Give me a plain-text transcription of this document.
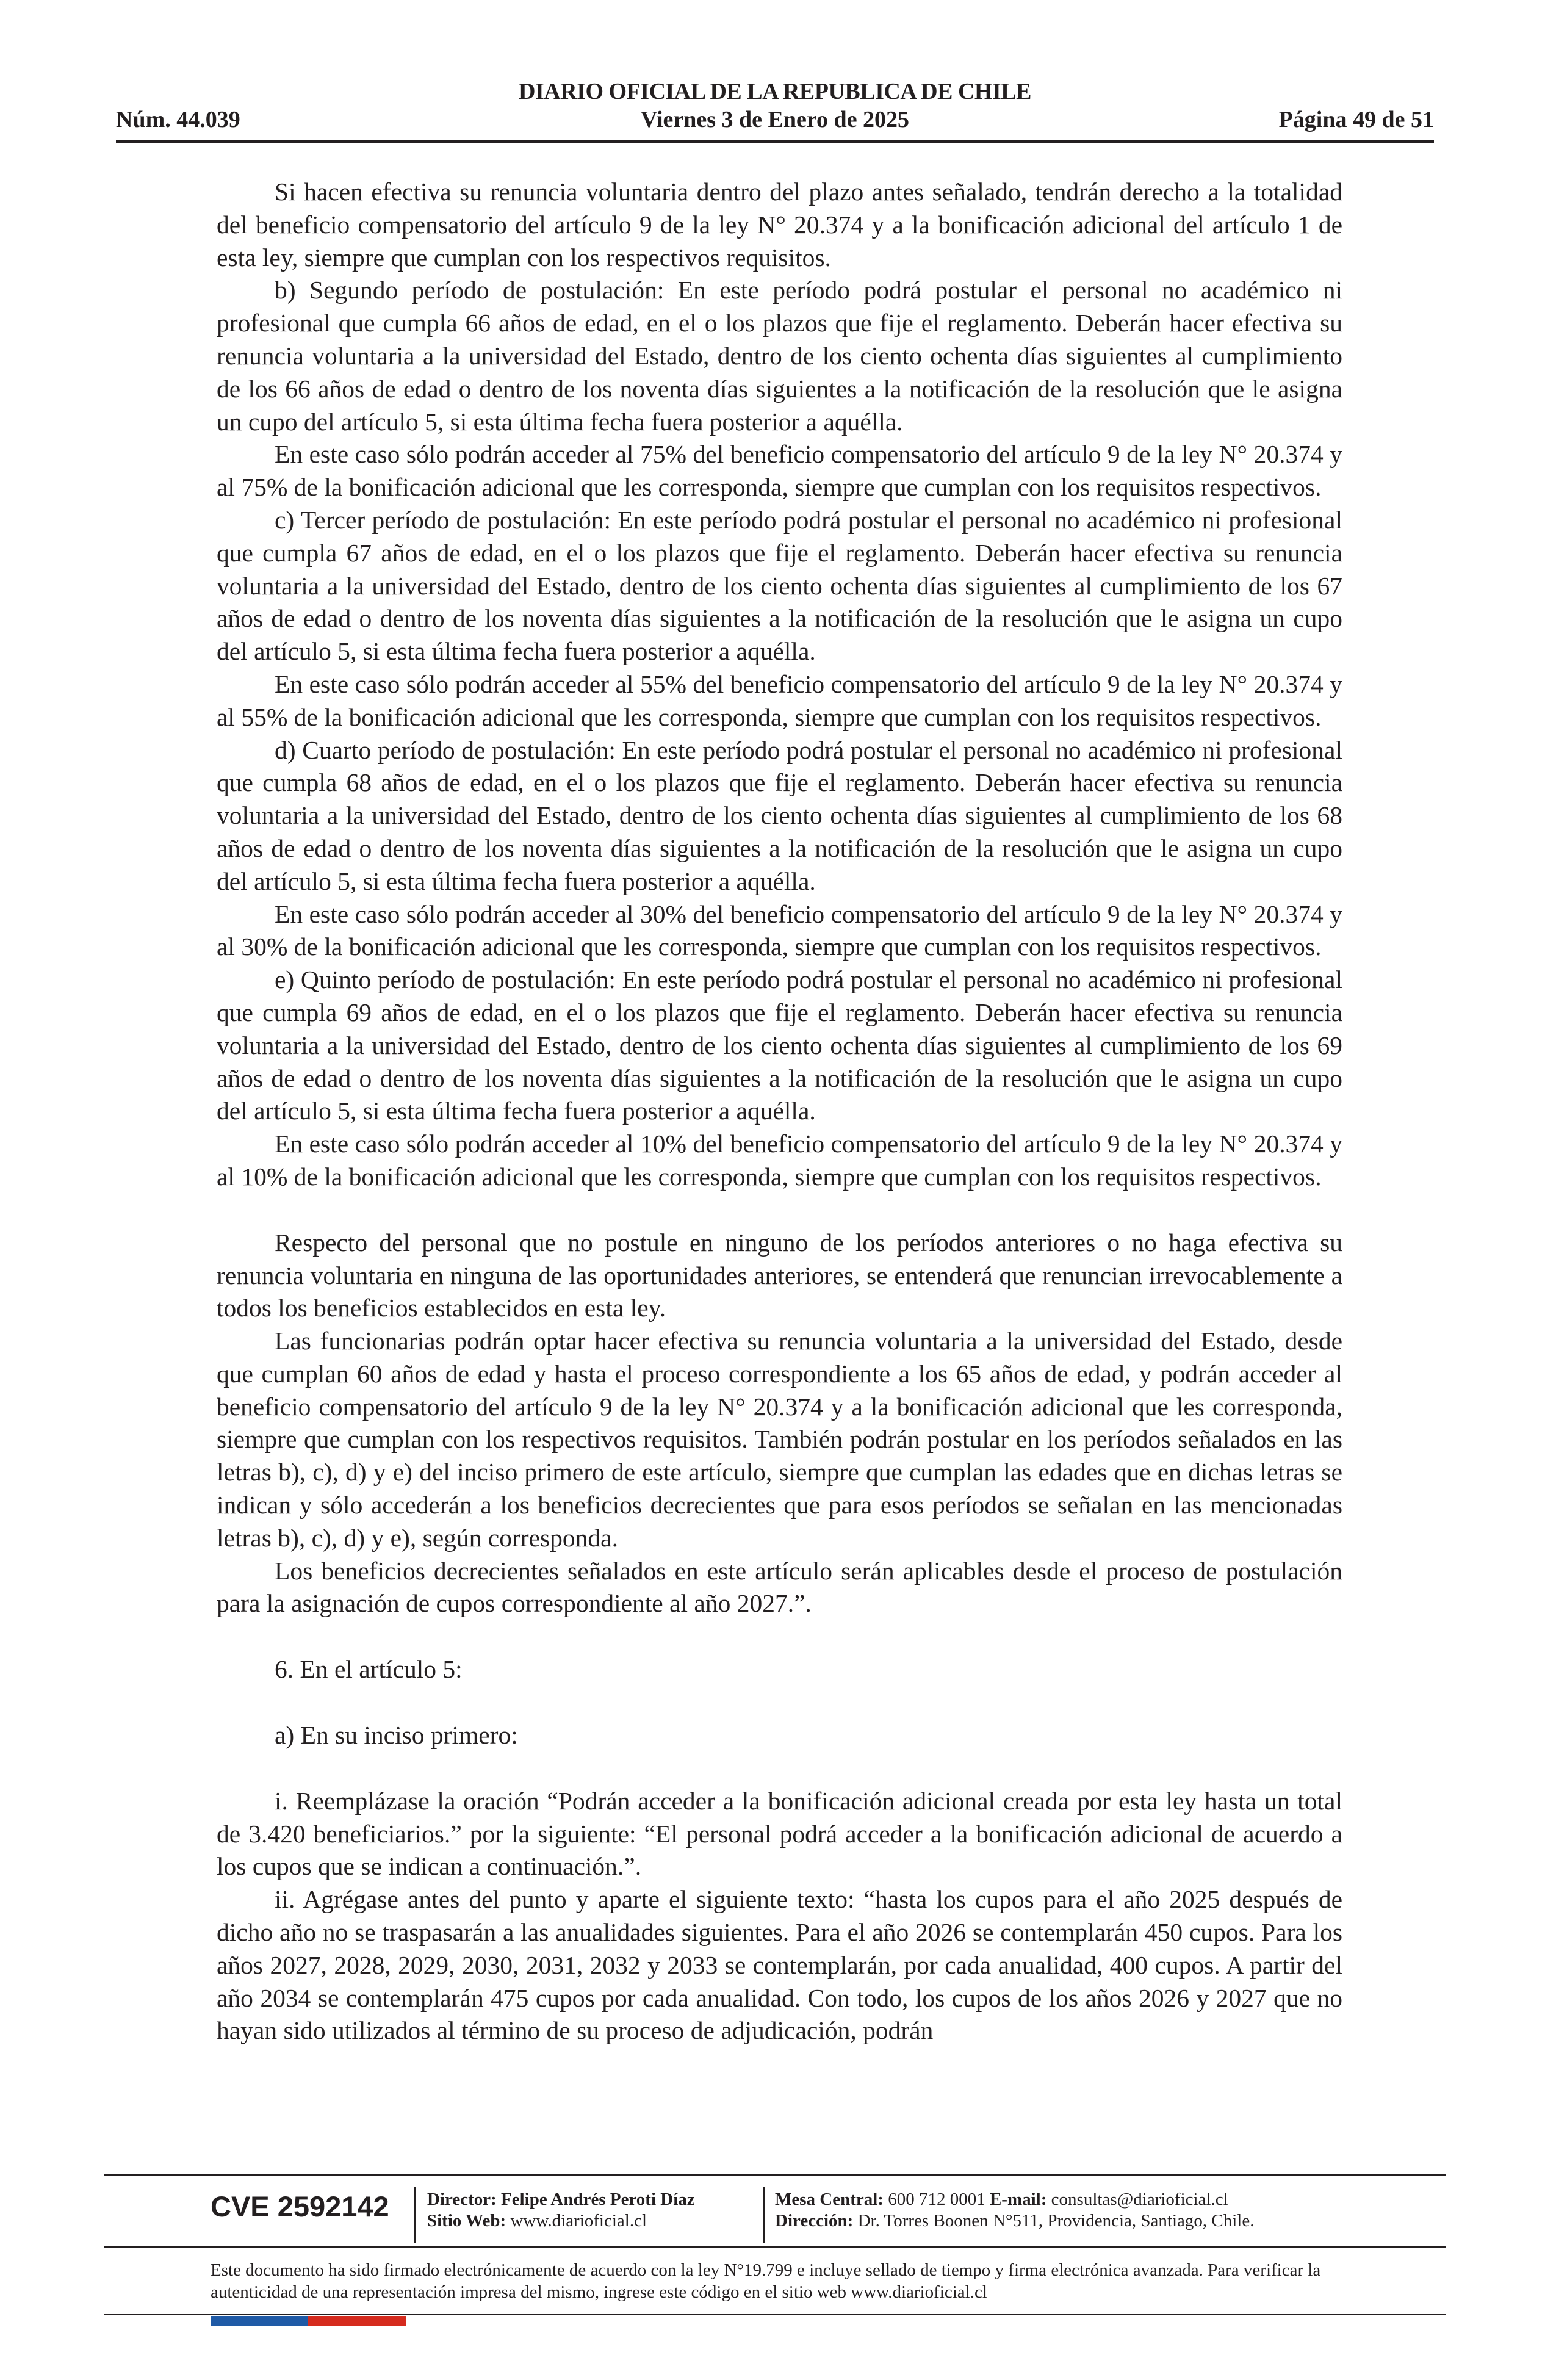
DIARIO OFICIAL DE LA REPUBLICA DE CHILE
Núm. 44.039	Viernes 3 de Enero de 2025	Página 49 de 51

Si hacen efectiva su renuncia voluntaria dentro del plazo antes señalado, tendrán derecho a la totalidad del beneficio compensatorio del artículo 9 de la ley N° 20.374 y a la bonificación adicional del artículo 1 de esta ley, siempre que cumplan con los respectivos requisitos.

b) Segundo período de postulación: En este período podrá postular el personal no académico ni profesional que cumpla 66 años de edad, en el o los plazos que fije el reglamento. Deberán hacer efectiva su renuncia voluntaria a la universidad del Estado, dentro de los ciento ochenta días siguientes al cumplimiento de los 66 años de edad o dentro de los noventa días siguientes a la notificación de la resolución que le asigna un cupo del artículo 5, si esta última fecha fuera posterior a aquélla.

En este caso sólo podrán acceder al 75% del beneficio compensatorio del artículo 9 de la ley N° 20.374 y al 75% de la bonificación adicional que les corresponda, siempre que cumplan con los requisitos respectivos.

c) Tercer período de postulación: En este período podrá postular el personal no académico ni profesional que cumpla 67 años de edad, en el o los plazos que fije el reglamento. Deberán hacer efectiva su renuncia voluntaria a la universidad del Estado, dentro de los ciento ochenta días siguientes al cumplimiento de los 67 años de edad o dentro de los noventa días siguientes a la notificación de la resolución que le asigna un cupo del artículo 5, si esta última fecha fuera posterior a aquélla.

En este caso sólo podrán acceder al 55% del beneficio compensatorio del artículo 9 de la ley N° 20.374 y al 55% de la bonificación adicional que les corresponda, siempre que cumplan con los requisitos respectivos.

d) Cuarto período de postulación: En este período podrá postular el personal no académico ni profesional que cumpla 68 años de edad, en el o los plazos que fije el reglamento. Deberán hacer efectiva su renuncia voluntaria a la universidad del Estado, dentro de los ciento ochenta días siguientes al cumplimiento de los 68 años de edad o dentro de los noventa días siguientes a la notificación de la resolución que le asigna un cupo del artículo 5, si esta última fecha fuera posterior a aquélla.

En este caso sólo podrán acceder al 30% del beneficio compensatorio del artículo 9 de la ley N° 20.374 y al 30% de la bonificación adicional que les corresponda, siempre que cumplan con los requisitos respectivos.

e) Quinto período de postulación: En este período podrá postular el personal no académico ni profesional que cumpla 69 años de edad, en el o los plazos que fije el reglamento. Deberán hacer efectiva su renuncia voluntaria a la universidad del Estado, dentro de los ciento ochenta días siguientes al cumplimiento de los 69 años de edad o dentro de los noventa días siguientes a la notificación de la resolución que le asigna un cupo del artículo 5, si esta última fecha fuera posterior a aquélla.

En este caso sólo podrán acceder al 10% del beneficio compensatorio del artículo 9 de la ley N° 20.374 y al 10% de la bonificación adicional que les corresponda, siempre que cumplan con los requisitos respectivos.

Respecto del personal que no postule en ninguno de los períodos anteriores o no haga efectiva su renuncia voluntaria en ninguna de las oportunidades anteriores, se entenderá que renuncian irrevocablemente a todos los beneficios establecidos en esta ley.

Las funcionarias podrán optar hacer efectiva su renuncia voluntaria a la universidad del Estado, desde que cumplan 60 años de edad y hasta el proceso correspondiente a los 65 años de edad, y podrán acceder al beneficio compensatorio del artículo 9 de la ley N° 20.374 y a la bonificación adicional que les corresponda, siempre que cumplan con los respectivos requisitos. También podrán postular en los períodos señalados en las letras b), c), d) y e) del inciso primero de este artículo, siempre que cumplan las edades que en dichas letras se indican y sólo accederán a los beneficios decrecientes que para esos períodos se señalan en las mencionadas letras b), c), d) y e), según corresponda.

Los beneficios decrecientes señalados en este artículo serán aplicables desde el proceso de postulación para la asignación de cupos correspondiente al año 2027.”.

6. En el artículo 5:

a) En su inciso primero:

i. Reemplázase la oración “Podrán acceder a la bonificación adicional creada por esta ley hasta un total de 3.420 beneficiarios.” por la siguiente: “El personal podrá acceder a la bonificación adicional de acuerdo a los cupos que se indican a continuación.”.

ii. Agrégase antes del punto y aparte el siguiente texto: “hasta los cupos para el año 2025 después de dicho año no se traspasarán a las anualidades siguientes. Para el año 2026 se contemplarán 450 cupos. Para los años 2027, 2028, 2029, 2030, 2031, 2032 y 2033 se contemplarán, por cada anualidad, 400 cupos. A partir del año 2034 se contemplarán 475 cupos por cada anualidad. Con todo, los cupos de los años 2026 y 2027 que no hayan sido utilizados al término de su proceso de adjudicación, podrán

CVE 2592142 Director: Felipe Andrés Peroti Díaz
Sitio Web: www.diarioficial.cl
Mesa Central: 600 712 0001 E-mail: consultas@diarioficial.cl
Dirección: Dr. Torres Boonen N°511, Providencia, Santiago, Chile.
Este documento ha sido firmado electrónicamente de acuerdo con la ley N°19.799 e incluye sellado de tiempo y firma electrónica avanzada. Para verificar la autenticidad de una representación impresa del mismo, ingrese este código en el sitio web www.diarioficial.cl
